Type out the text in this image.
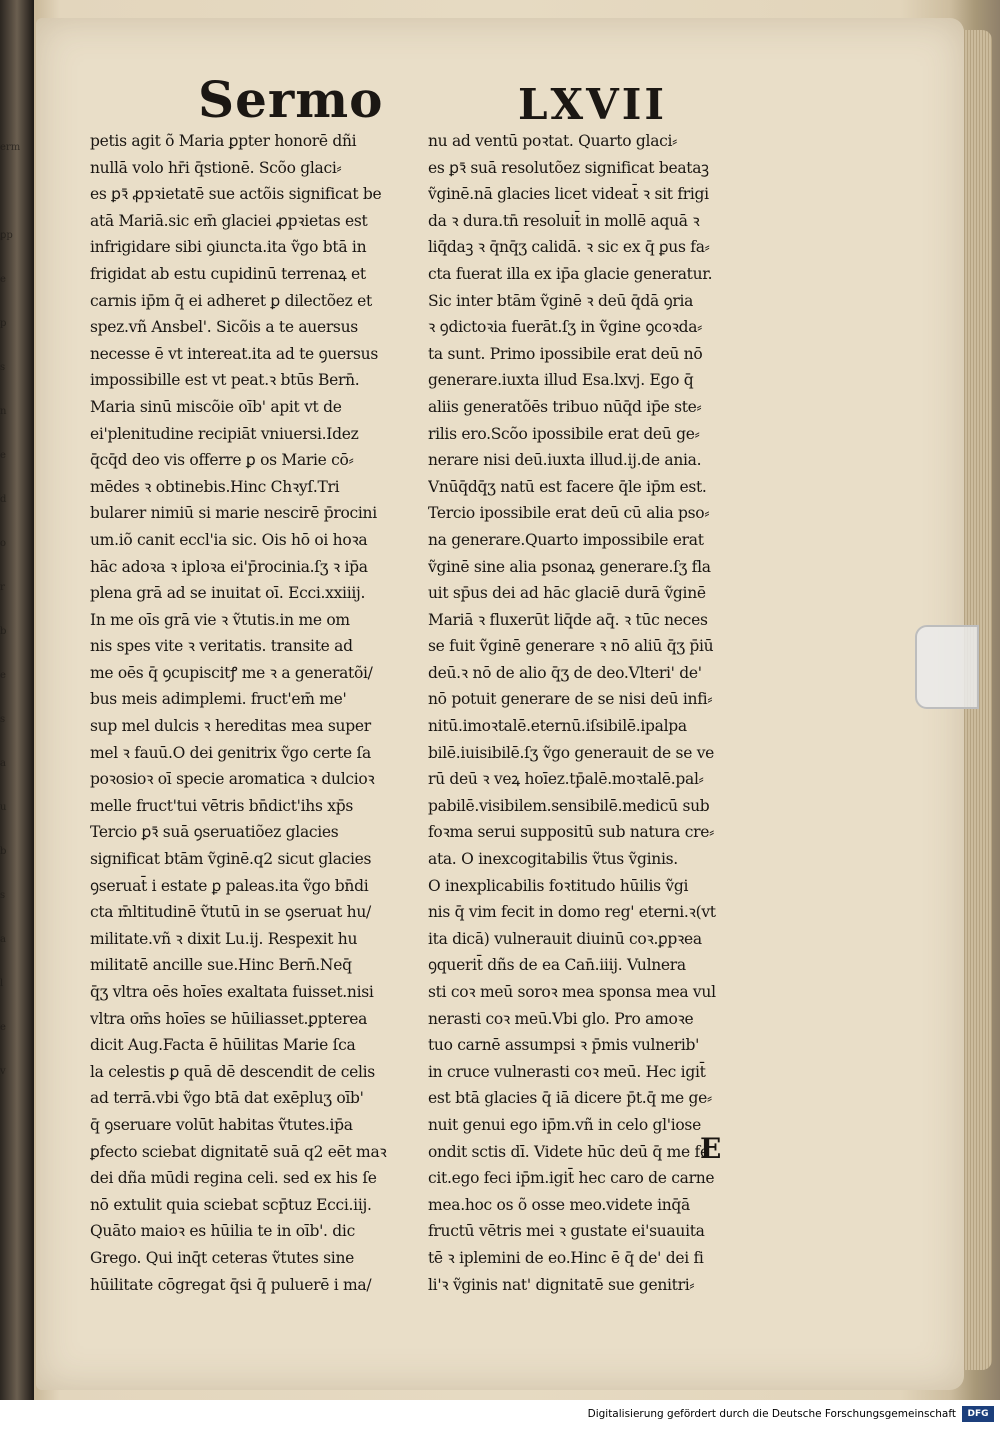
erm
ꝑp
e
p
s
n
e
d
o
r
b
e
s
a
u
b
s
a
l
e
v
Sermo	LXVII
petis agit õ Maria ꝑpter honorē dñi
nullā volo hr̄i q̄stionē. Scõo glaci⸗
es ꝑꝛ̄ ꝓpꝛietatē sue actõis significat be
atā Mariā.sic em̄ glaciei ꝓpꝛietas est
infrigidare sibi ꝯiuncta.ita ṽgo btā in
frigidat ab estu cupidinū terrenaꝝ et
carnis ip̄m q̄ ei adheret ꝑ dilectõez et
spez.vñ Ansbel'. Sicõis a te auersus
necesse ē vt intereat.ita ad te ꝯuersus
impossibille est vt peat.ꝛ btūs Bern̄.
Maria sinū miscõie oīb' apit vt de
ei'plenitudine recipiāt vniuersi.Idez
q̄cq̄d deo vis offerre ꝑ os Marie cō⸗
mēdes ꝛ obtinebis.Hinc Chꝛyſ.Tri
bularer nimiū si marie nescirē p̄rocini
um.iõ canit eccl'ia sic. Ois hō oi hoꝛa
hāc adoꝛa ꝛ iploꝛa ei'p̄rocinia.ſʒ ꝛ ip̄a
plena grā ad se inuitat oī. Ecci.xxiiij.
In me oīs grā vie ꝛ ṽtutis.in me om
nis spes vite ꝛ veritatis. transite ad
me oēs q̄ ꝯcupiscitꝭ me ꝛ a generatõi/
bus meis adimplemi. fruct'em̄ me'
sup mel dulcis ꝛ hereditas mea super
mel ꝛ fauū.O dei genitrix ṽgo certe ſa
poꝛosioꝛ oī specie aromatica ꝛ dulcioꝛ
melle fruct'tui vētris bn̄dict'ihs xp̄s
Tercio ꝑꝛ̄ suā ꝯseruatiõez glacies
significat btām ṽginē.q2 sicut glacies
ꝯseruat̄ i estate ꝑ paleas.ita ṽgo bn̄di
cta m̄ltitudinē ṽtutū in se ꝯseruat hu/
militate.vñ ꝛ dixit Lu.ij. Respexit hu
militatē ancille sue.Hinc Bern̄.Neq̄
q̄ʒ vltra oēs hoīes exaltata fuisset.nisi
vltra om̄s hoīes se hūiliasset.ꝑpterea
dicit Aug.Facta ē hūilitas Marie ſca
la celestis ꝑ quā dē descendit de celis
ad terrā.vbi ṽgo btā dat exēpluʒ oīb'
q̄ ꝯseruare volūt habitas ṽtutes.ip̄a
ꝑfecto sciebat dignitatē suā q2 eēt maꝛ
dei dña mūdi regina celi. sed ex his ſe
nō extulit quia sciebat scp̄tuz Ecci.iij.
Quāto maioꝛ es hūilia te in oīb'. dic
Grego. Qui inq̄t ceteras ṽtutes sine
hūilitate cōgregat q̄si q̄ puluerē i ma/
nu ad ventū poꝛtat. Quarto glaci⸗
es ꝑꝛ̄ suā resolutõez significat beataꝫ
ṽginē.nā glacies licet videat̄ ꝛ sit frigi
da ꝛ dura.tn̄ resoluit̄ in mollē aquā ꝛ
liq̄daꝫ ꝛ q̄nq̄ʒ calidā. ꝛ sic ex q̄ ꝑus fa⸗
cta fuerat illa ex ip̄a glacie generatur.
Sic inter btām ṽginē ꝛ deū q̄dā ꝯria
ꝛ ꝯdictoꝛia fuerāt.ſʒ in ṽgine ꝯcoꝛda⸗
ta sunt. Primo ipossibile erat deū nō
generare.iuxta illud Esa.lxvj. Ego q̄
aliis generatõēs tribuo nūq̄d ip̄e ste⸗
rilis ero.Scõo ipossibile erat deū ge⸗
nerare nisi deū.iuxta illud.ij.de ania.
Vnūq̄dq̄ʒ natū est facere q̄le ip̄m est.
Tercio ipossibile erat deū cū alia pso⸗
na generare.Quarto impossibile erat
ṽginē sine alia psonaꝝ generare.ſʒ fla
uit sp̄us dei ad hāc glaciē durā ṽginē
Mariā ꝛ fluxerūt liq̄de aq̄. ꝛ tūc neces
se fuit ṽginē generare ꝛ nō aliū q̄ʒ p̄iū
deū.ꝛ nō de alio q̄ʒ de deo.Vlteri' de'
nō potuit generare de se nisi deū infi⸗
nitū.imoꝛtalē.eternū.iſsibilē.ipalpa
bilē.iuisibilē.ſʒ ṽgo generauit de se ve
rū deū ꝛ veꝝ hoīez.tp̄alē.moꝛtalē.pal⸗
pabilē.visibilem.sensibilē.medicū sub
foꝛma serui suppositū sub natura cre⸗
ata. O inexcogitabilis ṽtus ṽginis.
O inexplicabilis foꝛtitudo hūilis ṽgi
nis q̄ vim fecit in domo reg' eterni.ꝛ(vt
ita dicā) vulnerauit diuinū coꝛ.ꝑpꝛea
ꝯquerit̄ dñs de ea Can̄.iiij. Vulnera
sti coꝛ meū soroꝛ mea sponsa mea vul
nerasti coꝛ meū.Vbi glo. Pro amoꝛe
tuo carnē assumpsi ꝛ p̄mis vulnerib'
in cruce vulnerasti coꝛ meū. Hec igit̄
est btā glacies q̄ iā dicere p̄t.q̄ me ge⸗
nuit genui ego ip̄m.vñ in celo gl'iose
ondit sctis dī. Videte hūc deū q̄ me fe
cit.ego feci ip̄m.igit̄ hec caro de carne
mea.hoc os õ osse meo.videte inq̄ā
fructū vētris mei ꝛ gustate ei'suauita
tē ꝛ iplemini de eo.Hinc ē q̄ de' dei fi
li'ꝛ ṽginis nat' dignitatē sue genitri⸗
E
Digitalisierung gefördert durch die Deutsche Forschungsgemeinschaft	DFG
